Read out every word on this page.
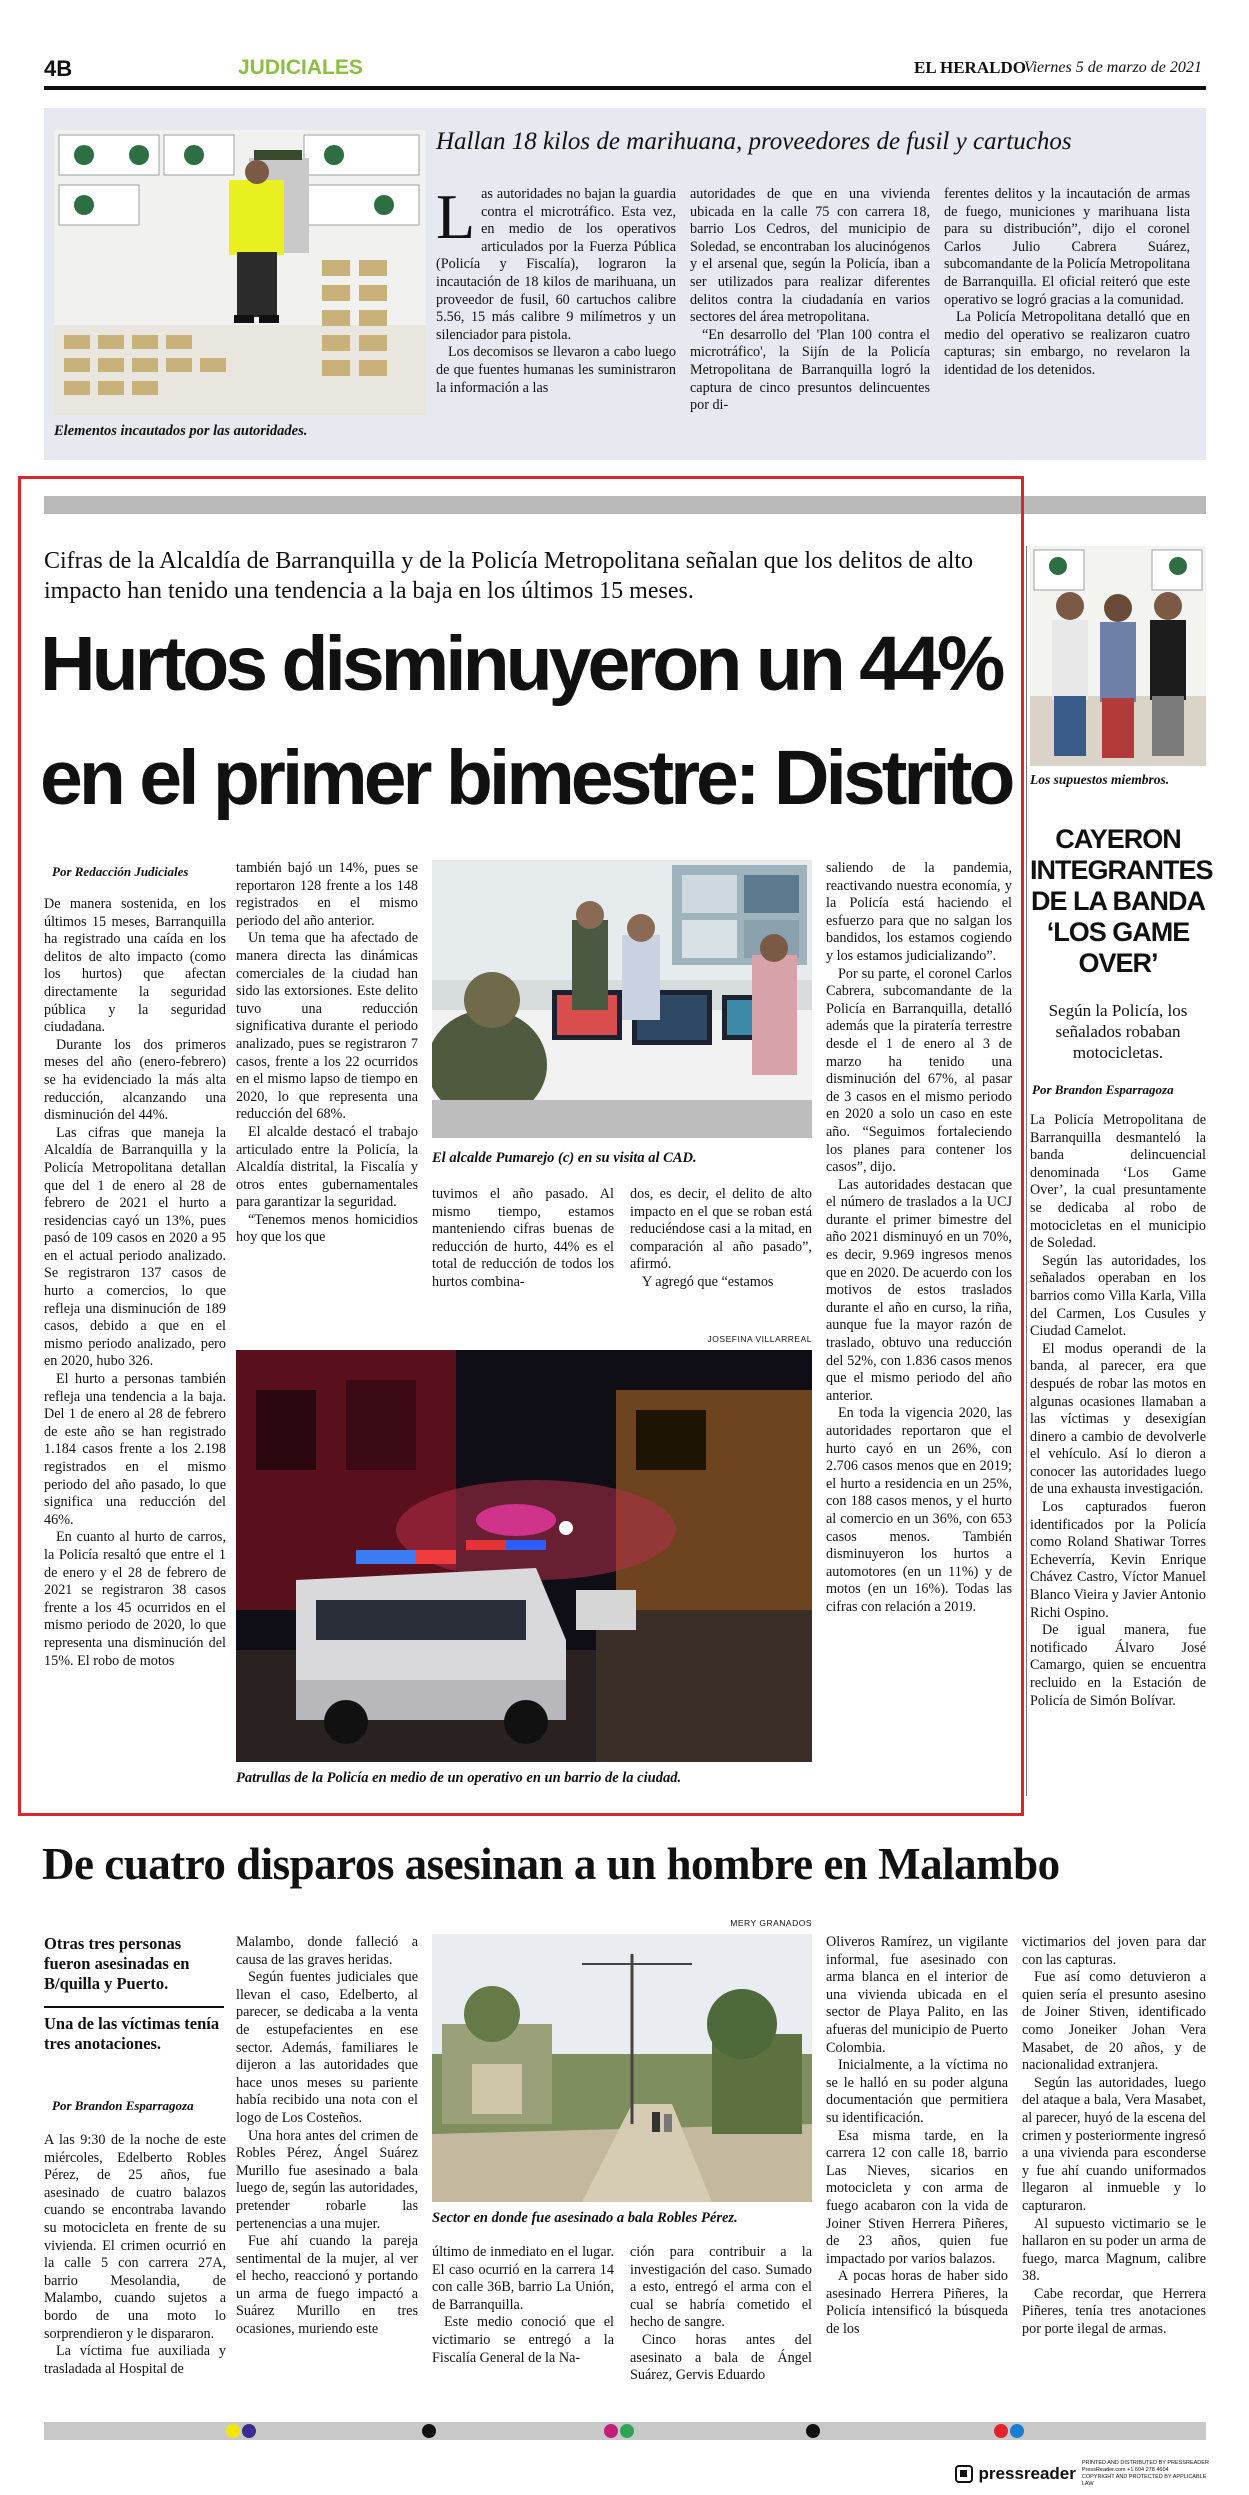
4B	JUDICIALES	EL HERALDO
Viernes 5 de marzo de 2021
Elementos incautados por las autoridades.
Hallan 18 kilos de marihuana, proveedores de fusil y cartuchos
L as autoridades no bajan la guardia contra el microtráfico. Esta vez, en medio de los operativos articulados por la Fuerza Pública (Policía y Fiscalía), lograron la incautación de 18 kilos de marihuana, un proveedor de fusil, 60 cartuchos calibre 5.56, 15 más calibre 9 milímetros y un silenciador para pistola.

Los decomisos se llevaron a cabo luego de que fuentes humanas les suministraron la información a las

autoridades de que en una vivienda ubicada en la calle 75 con carrera 18, barrio Los Cedros, del municipio de Soledad, se encontraban los alucinógenos y el arsenal que, según la Policía, iban a ser utilizados para realizar diferentes delitos contra la ciudadanía en varios sectores del área metropolitana.

“En desarrollo del 'Plan 100 contra el microtráfico', la Sijín de la Policía Metropolitana de Barranquilla logró la captura de cinco presuntos delincuentes por di-

ferentes delitos y la incautación de armas de fuego, municiones y marihuana lista para su distribución”, dijo el coronel Carlos Julio Cabrera Suárez, subcomandante de la Policía Metropolitana de Barranquilla. El oficial reiteró que este operativo se logró gracias a la comunidad.

La Policía Metropolitana detalló que en medio del operativo se realizaron cuatro capturas; sin embargo, no revelaron la identidad de los detenidos.

Cifras de la Alcaldía de Barranquilla y de la Policía Metropolitana señalan que los delitos de alto impacto han tenido una tendencia a la baja en los últimos 15 meses.
Hurtos disminuyeron un 44%
en el primer bimestre: Distrito
Por Redacción Judiciales

De manera sostenida, en los últimos 15 meses, Barranquilla ha registrado una caída en los delitos de alto impacto (como los hurtos) que afectan directamente la seguridad pública y la seguridad ciudadana.

Durante los dos primeros meses del año (enero-febrero) se ha evidenciado la más alta reducción, alcanzando una disminución del 44%.

Las cifras que maneja la Alcaldía de Barranquilla y la Policía Metropolitana detallan que del 1 de enero al 28 de febrero de 2021 el hurto a residencias cayó un 13%, pues pasó de 109 casos en 2020 a 95 en el actual periodo analizado. Se registraron 137 casos de hurto a comercios, lo que refleja una disminución de 189 casos, debido a que en el mismo periodo analizado, pero en 2020, hubo 326.

El hurto a personas también refleja una tendencia a la baja. Del 1 de enero al 28 de febrero de este año se han registrado 1.184 casos frente a los 2.198 registrados en el mismo periodo del año pasado, lo que significa una reducción del 46%.

En cuanto al hurto de carros, la Policía resaltó que entre el 1 de enero y el 28 de febrero de 2021 se registraron 38 casos frente a los 45 ocurridos en el mismo periodo de 2020, lo que representa una disminución del 15%. El robo de motos

también bajó un 14%, pues se reportaron 128 frente a los 148 registrados en el mismo periodo del año anterior.

Un tema que ha afectado de manera directa las dinámicas comerciales de la ciudad han sido las extorsiones. Este delito tuvo una reducción significativa durante el periodo analizado, pues se registraron 7 casos, frente a los 22 ocurridos en el mismo lapso de tiempo en 2020, lo que representa una reducción del 68%.

El alcalde destacó el trabajo articulado entre la Policía, la Alcaldía distrital, la Fiscalía y otros entes gubernamentales para garantizar la seguridad.

“Tenemos menos homicidios hoy que los que

El alcalde Pumarejo (c) en su visita al CAD.

tuvimos el año pasado. Al mismo tiempo, estamos manteniendo cifras buenas de reducción de hurto, 44% es el total de reducción de todos los hurtos combina-

dos, es decir, el delito de alto impacto en el que se roban está reduciéndose casi a la mitad, en comparación al año pasado”, afirmó.

Y agregó que “estamos

JOSEFINA VILLARREAL
Patrullas de la Policía en medio de un operativo en un barrio de la ciudad.

saliendo de la pandemia, reactivando nuestra economía, y la Policía está haciendo el esfuerzo para que no salgan los bandidos, los estamos cogiendo y los estamos judicializando”.

Por su parte, el coronel Carlos Cabrera, subcomandante de la Policía en Barranquilla, detalló además que la piratería terrestre desde el 1 de enero al 3 de marzo ha tenido una disminución del 67%, al pasar de 3 casos en el mismo periodo en 2020 a solo un caso en este año. “Seguimos fortaleciendo los planes para contener los casos”, dijo.

Las autoridades destacan que el número de traslados a la UCJ durante el primer bimestre del año 2021 disminuyó en un 70%, es decir, 9.969 ingresos menos que en 2020. De acuerdo con los motivos de estos traslados durante el año en curso, la riña, aunque fue la mayor razón de traslado, obtuvo una reducción del 52%, con 1.836 casos menos que el mismo periodo del año anterior.

En toda la vigencia 2020, las autoridades reportaron que el hurto cayó en un 26%, con 2.706 casos menos que en 2019; el hurto a residencia en un 25%, con 188 casos menos, y el hurto al comercio en un 36%, con 653 casos menos. También disminuyeron los hurtos a automotores (en un 11%) y de motos (en un 16%). Todas las cifras con relación a 2019.

Los supuestos miembros.
CAYERON INTEGRANTES DE LA BANDA ‘LOS GAME OVER’
Según la Policía, los señalados robaban motocicletas.
Por Brandon Esparragoza

La Policía Metropolitana de Barranquilla desmanteló la banda delincuencial denominada ‘Los Game Over’, la cual presuntamente se dedicaba al robo de motocicletas en el municipio de Soledad.

Según las autoridades, los señalados operaban en los barrios como Villa Karla, Villa del Carmen, Los Cusules y Ciudad Camelot.

El modus operandi de la banda, al parecer, era que después de robar las motos en algunas ocasiones llamaban a las víctimas y desexigían dinero a cambio de devolverle el vehículo. Así lo dieron a conocer las autoridades luego de una exhausta investigación.

Los capturados fueron identificados por la Policía como Roland Shatiwar Torres Echeverría, Kevin Enrique Chávez Castro, Víctor Manuel Blanco Vieira y Javier Antonio Richi Ospino.

De igual manera, fue notificado Álvaro José Camargo, quien se encuentra recluido en la Estación de Policía de Simón Bolívar.

De cuatro disparos asesinan a un hombre en Malambo
Otras tres personas fueron asesinadas en B/quilla y Puerto.
Una de las víctimas tenía tres anotaciones.
Por Brandon Esparragoza

A las 9:30 de la noche de este miércoles, Edelberto Robles Pérez, de 25 años, fue asesinado de cuatro balazos cuando se encontraba lavando su motocicleta en frente de su vivienda. El crimen ocurrió en la calle 5 con carrera 27A, barrio Mesolandia, de Malambo, cuando sujetos a bordo de una moto lo sorprendieron y le dispararon.

La víctima fue auxiliada y trasladada al Hospital de

Malambo, donde falleció a causa de las graves heridas.

Según fuentes judiciales que llevan el caso, Edelberto, al parecer, se dedicaba a la venta de estupefacientes en ese sector. Además, familiares le dijeron a las autoridades que hace unos meses su pariente había recibido una nota con el logo de Los Costeños.

Una hora antes del crimen de Robles Pérez, Ángel Suárez Murillo fue asesinado a bala luego de, según las autoridades, pretender robarle las pertenencias a una mujer.

Fue ahí cuando la pareja sentimental de la mujer, al ver el hecho, reaccionó y portando un arma de fuego impactó a Suárez Murillo en tres ocasiones, muriendo este

MERY GRANADOS
Sector en donde fue asesinado a bala Robles Pérez.

último de inmediato en el lugar. El caso ocurrió en la carrera 14 con calle 36B, barrio La Unión, de Barranquilla.

Este medio conoció que el victimario se entregó a la Fiscalía General de la Na-

ción para contribuir a la investigación del caso. Sumado a esto, entregó el arma con el cual se habría cometido el hecho de sangre.

Cinco horas antes del asesinato a bala de Ángel Suárez, Gervis Eduardo

Oliveros Ramírez, un vigilante informal, fue asesinado con arma blanca en el interior de una vivienda ubicada en el sector de Playa Palito, en las afueras del municipio de Puerto Colombia.

Inicialmente, a la víctima no se le halló en su poder alguna documentación que permitiera su identificación.

Esa misma tarde, en la carrera 12 con calle 18, barrio Las Nieves, sicarios en motocicleta y con arma de fuego acabaron con la vida de Joiner Stiven Herrera Piñeres, de 23 años, quien fue impactado por varios balazos.

A pocas horas de haber sido asesinado Herrera Piñeres, la Policía intensificó la búsqueda de los

victimarios del joven para dar con las capturas.

Fue así como detuvieron a quien sería el presunto asesino de Joiner Stiven, identificado como Joneiker Johan Vera Masabet, de 20 años, y de nacionalidad extranjera.

Según las autoridades, luego del ataque a bala, Vera Masabet, al parecer, huyó de la escena del crimen y posteriormente ingresó a una vivienda para esconderse y fue ahí cuando uniformados llegaron al inmueble y lo capturaron.

Al supuesto victimario se le hallaron en su poder un arma de fuego, marca Magnum, calibre 38.

Cabe recordar, que Herrera Piñeres, tenía tres anotaciones por porte ilegal de armas.

pressreader
PRINTED AND DISTRIBUTED BY PRESSREADER
PressReader.com +1 604 278 4604
COPYRIGHT AND PROTECTED BY APPLICABLE LAW
